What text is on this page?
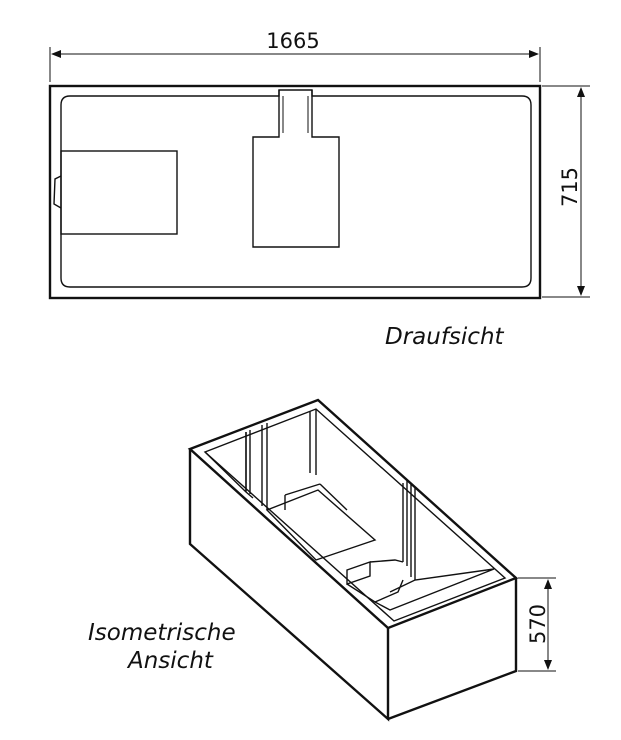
1665
715
Draufsicht
570
Isometrische
Ansicht
